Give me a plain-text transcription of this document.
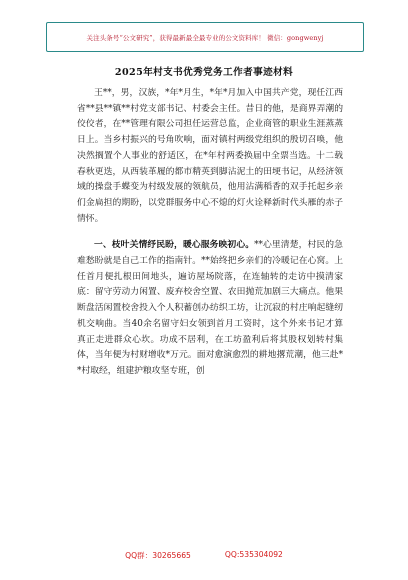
关注头条号“公文研究”，获得最新最全最专业的公文资料库！ 微信：gongwenyj
2025年村支书优秀党务工作者事迹材料

王**，男，汉族，*年*月生，*年*月加入中国共产党，现任江西省**县**镇**村党支部书记、村委会主任。昔日的他，是商界弄潮的佼佼者，在**管理有限公司担任运营总监，企业商管的职业生涯蒸蒸日上。当乡村振兴的号角吹响，面对镇村两级党组织的殷切召唤，他决然搁置个人事业的舒适区，在*年村两委换届中全票当选。十二载春秋更迭，从西装革履的都市精英到脚沾泥土的田埂书记，从经济领域的操盘手蝶变为村级发展的领航员，他用沾满稻香的双手托起乡亲们金扁担的期盼，以党群服务中心不熄的灯火诠释新时代头雁的赤子情怀。

一、枝叶关情纾民盼，暖心服务映初心。**心里清楚，村民的急难愁盼就是自己工作的指南针。**始终把乡亲们的冷暖记在心窝。上任首月便扎根田间地头，遍访屋场院落，在连轴转的走访中摸清家底：留守劳动力闲置、废弃校舍空置、农田抛荒加剧三大痛点。他果断盘活闲置校舍投入个人积蓄创办纺织工坊，让沉寂的村庄响起缝纫机交响曲。当40余名留守妇女领到首月工资时，这个外来书记才算真正走进群众心坎。功成不居利，在工坊盈利后将其股权划转村集体，当年便为村财增收*万元。面对愈演愈烈的耕地撂荒潮，他三赴**村取经，组建护粮攻坚专班，创

QQ群：30265665	QQ:535304092
